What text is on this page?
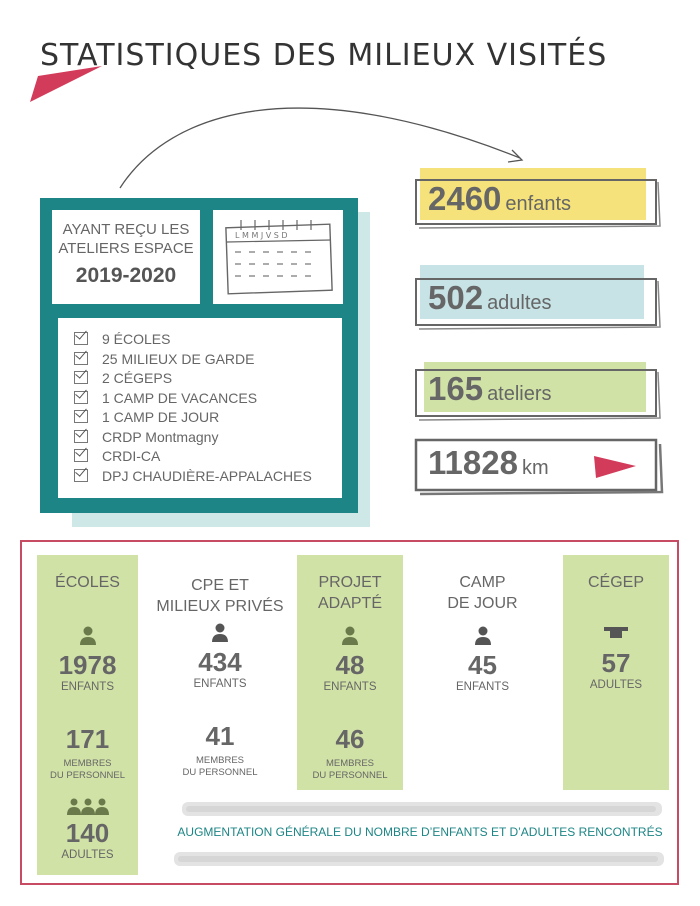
STATISTIQUES DES MILIEUX VISITÉS
AYANT REÇU LES
ATELIERS ESPACE
2019-2020
L M M J V S D
9 ÉCOLES
25 MILIEUX DE GARDE
2 CÉGEPS
1 CAMP DE VACANCES
1 CAMP DE JOUR
CRDP Montmagny
CRDI-CA
DPJ CHAUDIÈRE-APPALACHES
2460 enfants
502 adultes
165 ateliers
11828 km
ÉCOLES
1978
ENFANTS
171
MEMBRES
DU PERSONNEL
140
ADULTES
CPE ET
MILIEUX PRIVÉS
434
ENFANTS
41
MEMBRES
DU PERSONNEL
PROJET
ADAPTÉ
48
ENFANTS
46
MEMBRES
DU PERSONNEL
CAMP
DE JOUR
45
ENFANTS
CÉGEP
57
ADULTES
AUGMENTATION GÉNÉRALE DU NOMBRE D’ENFANTS ET D’ADULTES RENCONTRÉS
